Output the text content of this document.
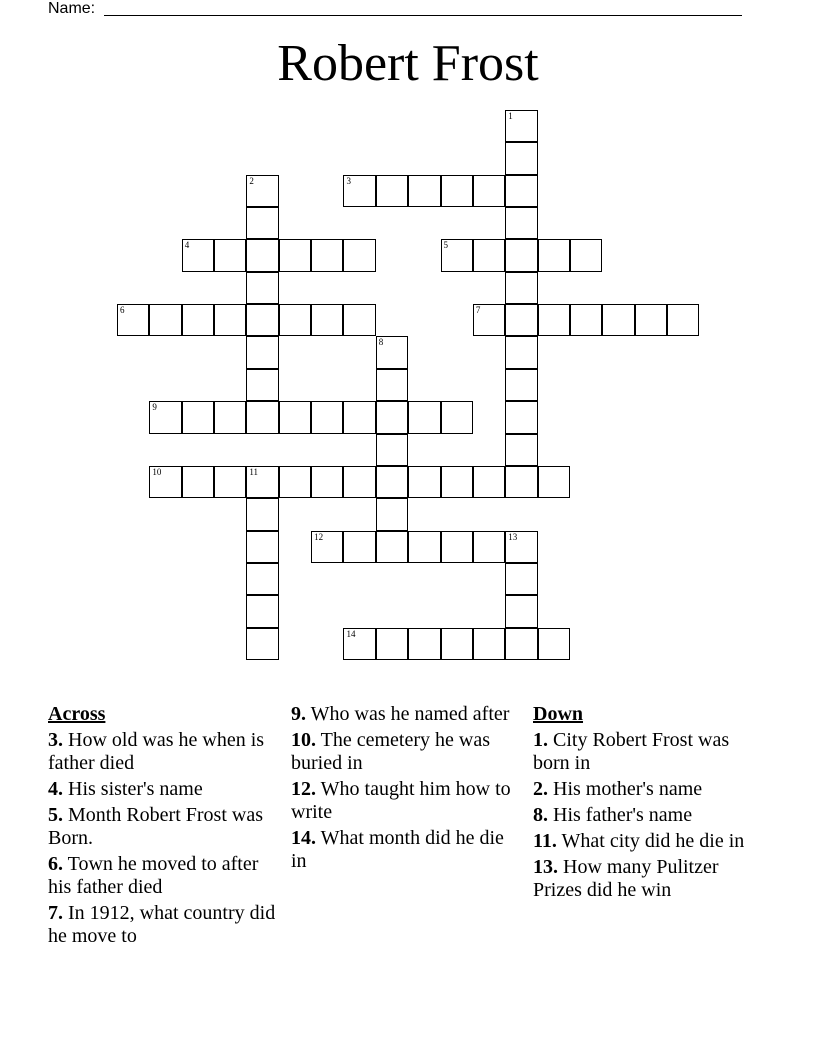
Name:
Robert Frost
1
2	3
4	5
6	7
8
9
10	11
12	13
14
Across
3. How old was he when is father died
4. His sister's name
5. Month Robert Frost was Born.
6. Town he moved to after his father died
7. In 1912, what country did he move to
9. Who was he named after
10. The cemetery he was buried in
12. Who taught him how to write
14. What month did he die in
Down
1. City Robert Frost was born in
2. His mother's name
8. His father's name
11. What city did he die in
13. How many Pulitzer Prizes did he win
